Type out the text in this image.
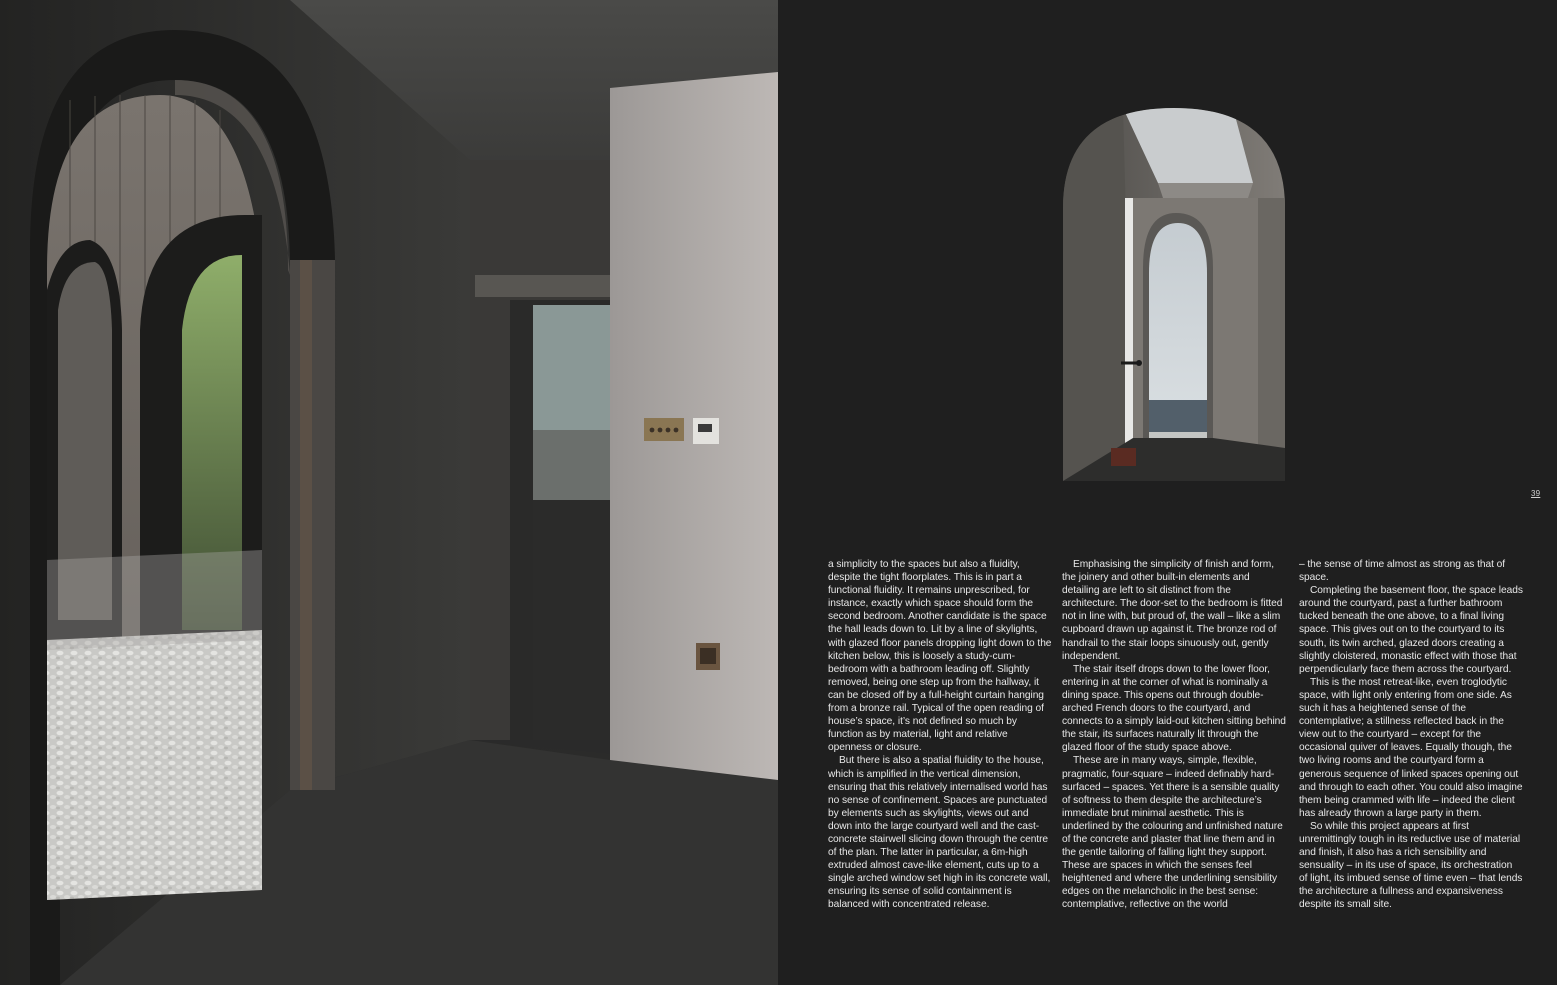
39

a simplicity to the spaces but also a fluidity, despite the tight floorplates. This is in part a functional fluidity. It remains unprescribed, for instance, exactly which space should form the second bedroom. Another candidate is the space the hall leads down to. Lit by a line of skylights, with glazed floor panels dropping light down to the kitchen below, this is loosely a study-cum-bedroom with a bathroom leading off. Slightly removed, being one step up from the hallway, it can be closed off by a full-height curtain hanging from a bronze rail. Typical of the open reading of house’s space, it’s not defined so much by function as by material, light and relative openness or closure.

But there is also a spatial fluidity to the house, which is amplified in the vertical dimension, ensuring that this relatively internalised world has no sense of confinement. Spaces are punctuated by elements such as skylights, views out and down into the large courtyard well and the cast-concrete stairwell slicing down through the centre of the plan. The latter in particular, a 6m-high extruded almost cave-like element, cuts up to a single arched window set high in its concrete wall, ensuring its sense of solid containment is balanced with concentrated release.

Emphasising the simplicity of finish and form, the joinery and other built-in elements and detailing are left to sit distinct from the architecture. The door-set to the bedroom is fitted not in line with, but proud of, the wall – like a slim cupboard drawn up against it. The bronze rod of handrail to the stair loops sinuously out, gently independent.

The stair itself drops down to the lower floor, entering in at the corner of what is nominally a dining space. This opens out through double-arched French doors to the courtyard, and connects to a simply laid-out kitchen sitting behind the stair, its surfaces naturally lit through the glazed floor of the study space above.

These are in many ways, simple, flexible, pragmatic, four-square – indeed definably hard-surfaced – spaces. Yet there is a sensible quality of softness to them despite the architecture’s immediate brut minimal aesthetic. This is underlined by the colouring and unfinished nature of the concrete and plaster that line them and in the gentle tailoring of falling light they support. These are spaces in which the senses feel heightened and where the underlining sensibility edges on the melancholic in the best sense: contemplative, reflective on the world

– the sense of time almost as strong as that of space.

Completing the basement floor, the space leads around the courtyard, past a further bathroom tucked beneath the one above, to a final living space. This gives out on to the courtyard to its south, its twin arched, glazed doors creating a slightly cloistered, monastic effect with those that perpendicularly face them across the courtyard.

This is the most retreat-like, even troglodytic space, with light only entering from one side. As such it has a heightened sense of the contemplative; a stillness reflected back in the view out to the courtyard – except for the occasional quiver of leaves. Equally though, the two living rooms and the courtyard form a generous sequence of linked spaces opening out and through to each other. You could also imagine them being crammed with life – indeed the client has already thrown a large party in them.

So while this project appears at first unremittingly tough in its reductive use of material and finish, it also has a rich sensibility and sensuality – in its use of space, its orchestration of light, its imbued sense of time even – that lends the architecture a fullness and expansiveness despite its small site.
